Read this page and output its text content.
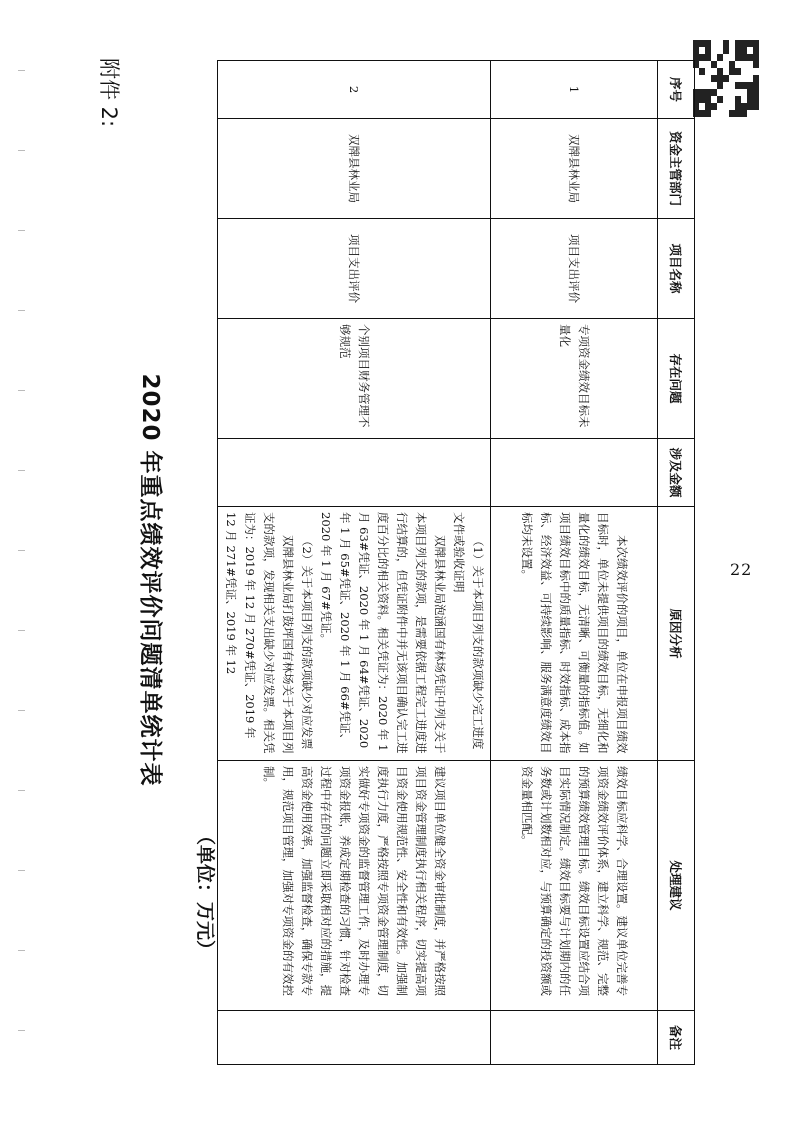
22
附件 2:
2020 年重点绩效评价问题清单统计表
（单位：万元）
序号	资金主管部门	项目名称	存在问题	涉及金额	原因分析	处理建议	备注
1	双牌县林业局	项目支出评价	专项资金绩效目标未量化		本次绩效评价的项目，单位在申报项目绩效目标时，单位未提供项目的绩效目标，无细化和量化的绩效目标，无清晰、可衡量的指标值。如项目绩效目标中的质量指标、时效指标、成本指标、经济效益、可持续影响、服务满意度绩效目标均未设置。	绩效目标应科学、合理设置。建议单位完善专项资金绩效评价体系，建立科学、规范、完整的预算绩效管理目标。绩效目标设置应结合项目实际情况制定。绩效目标要与计划期内的任务数或计划数相对应，与预算确定的投资额或资金量相匹配。	

2	双牌县林业局	项目支出评价	个别项目财务管理不够规范		（1）关于本项目列支的款项缺少完工进度文件或验收证明
双牌县林业局泡涵国有林场凭证中列支关于本项目列支的款项，是需要依据工程完工进度进行结算的，但凭证附件中并无该项目确认完工进度百分比的相关资料。相关凭证为：2020 年 1 月 63#凭证、2020 年 1 月 64#凭证、2020 年 1 月 65#凭证、2020 年 1 月 66#凭证、2020 年 1 月 67#凭证。
（2）关于本项目列支的款项缺少对应发票
双牌县林业局打鼓坪国有林场关于本项目列支的款项，发现相关支出缺少对应发票。相关凭证为：2019 年 12 月 270#凭证、2019 年 12 月 271#凭证、2019 年 12	建议项目单位健全资金审批制度，并严格按照项目资金管理制度执行相关程序，切实提高项目资金使用规范性、安全性和有效性。加强制度执行力度，严格按照专项资金管理制度，切实做好专项资金的监督管理工作，及时办理专项资金报账，养成定期检查的习惯，针对检查过程中存在的问题立即采取相对应的措施，提高资金使用效率，加强监督检查，确保专款专用，规范项目管理，加强对专项资金的有效控制。	
